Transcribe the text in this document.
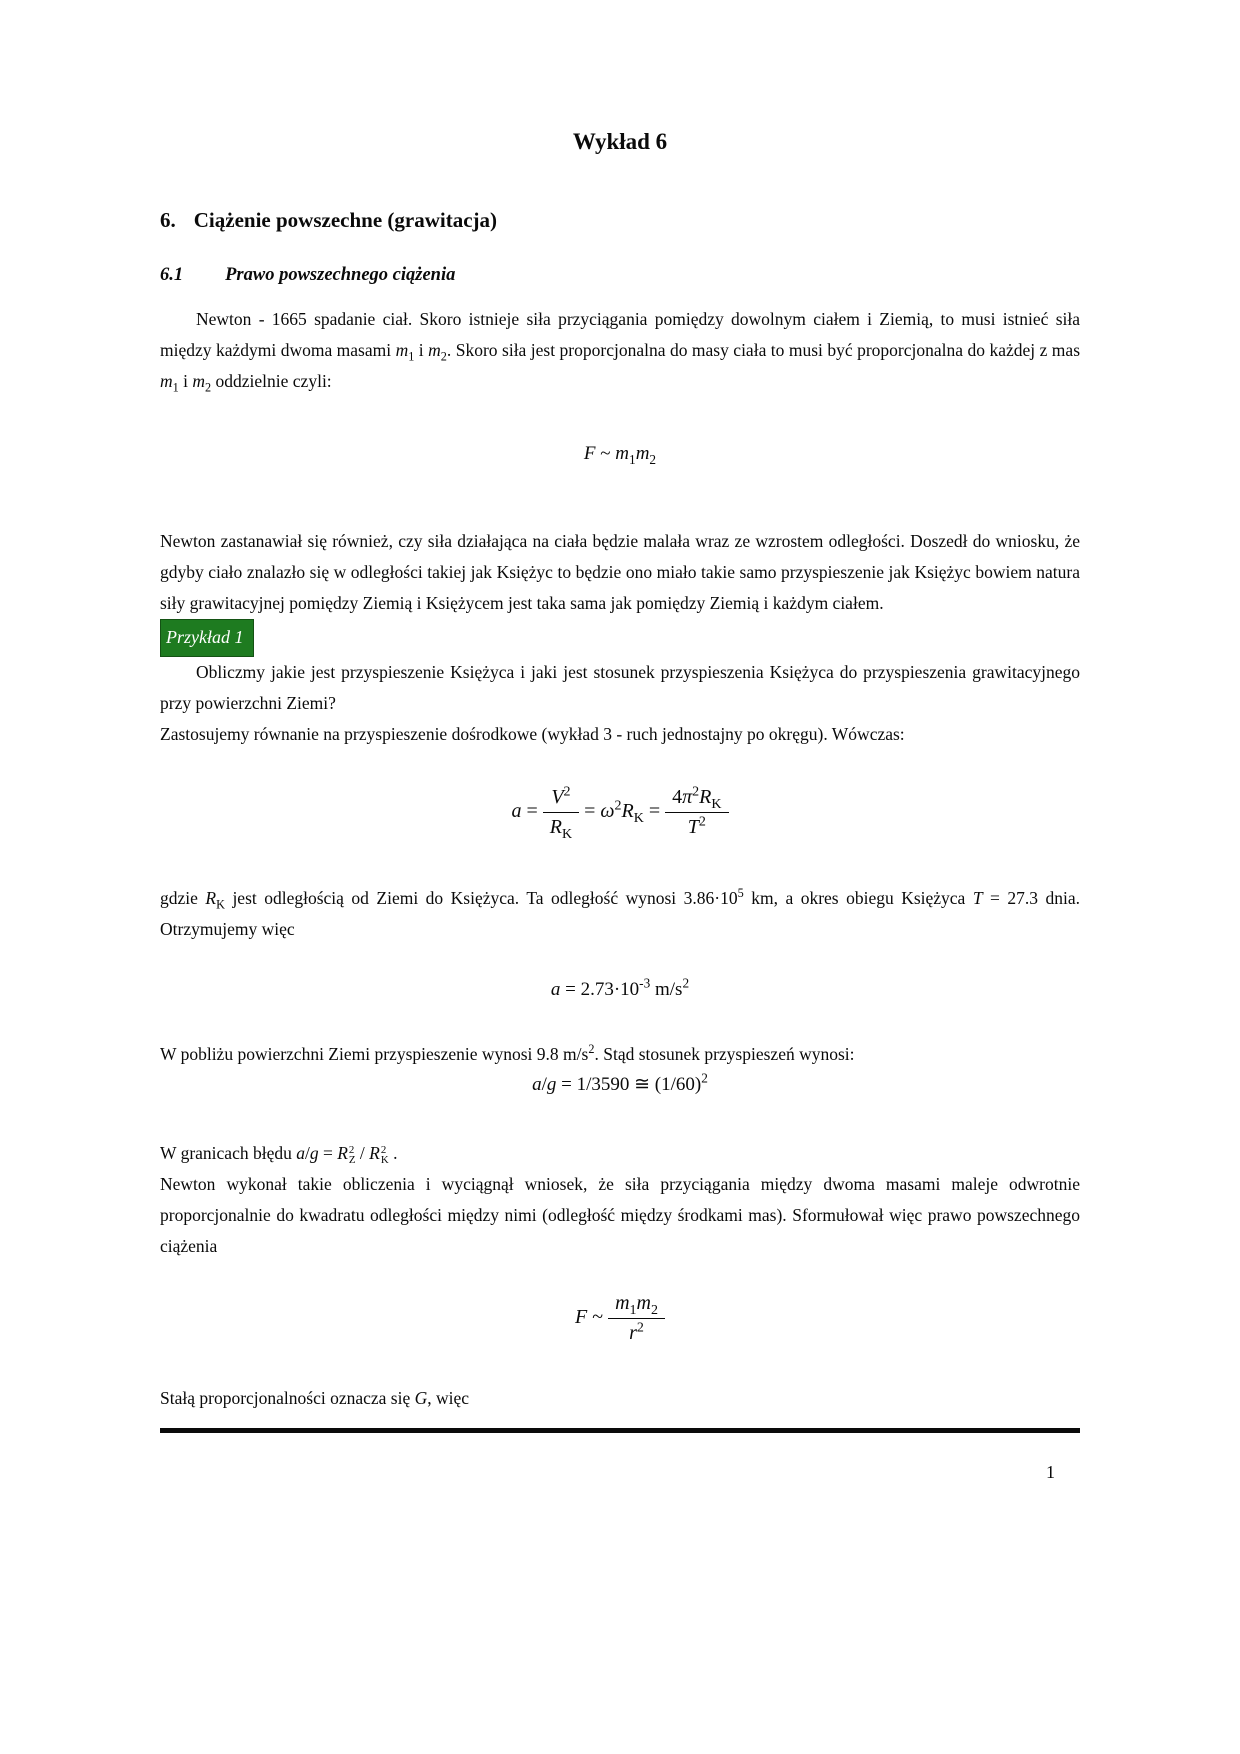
Wykład 6
6. Ciążenie powszechne (grawitacja)
6.1 Prawo powszechnego ciążenia

Newton - 1665 spadanie ciał. Skoro istnieje siła przyciągania pomiędzy dowolnym ciałem i Ziemią, to musi istnieć siła między każdymi dwoma masami $m_1$ i $m_2$. Skoro siła jest proporcjonalna do masy ciała to musi być proporcjonalna do każdej z mas $m_1$ i $m_2$ oddzielnie czyli:

F ~ $m_1m_2$

Newton zastanawiał się również, czy siła działająca na ciała będzie malała wraz ze wzrostem odległości. Doszedł do wniosku, że gdyby ciało znalazło się w odległości takiej jak Księżyc to będzie ono miało takie samo przyspieszenie jak Księżyc bowiem natura siły grawitacyjnej pomiędzy Ziemią i Księżycem jest taka sama jak pomiędzy Ziemią i każdym ciałem.

Przykład 1

Obliczmy jakie jest przyspieszenie Księżyca i jaki jest stosunek przyspieszenia Księżyca do przyspieszenia grawitacyjnego przy powierzchni Ziemi?

Zastosujemy równanie na przyspieszenie dośrodkowe (wykład 3 - ruch jednostajny po okręgu). Wówczas:

$a = \frac{V^2}{R_K} = \omega^2R_K = \frac{4\pi^2R_K}{T^2}$

gdzie $R_K$ jest odległością od Ziemi do Księżyca. Ta odległość wynosi $3.86\cdot 10^5$ km, a okres obiegu Księżyca T = 27.3 dnia. Otrzymujemy więc

$a = 2.73\cdot 10^{-3}$ $m/s^2$

W pobliżu powierzchni Ziemi przyspieszenie wynosi 9.8 $m/s^2$. Stąd stosunek przyspieszeń wynosi:

a/g = 1/3590 ≅ $(1/60)^2$

W granicach błędu a/g = R2
Z / R2
K .

Newton wykonał takie obliczenia i wyciągnął wniosek, że siła przyciągania między dwoma masami maleje odwrotnie proporcjonalnie do kwadratu odległości między nimi (odległość między środkami mas). Sformułował więc prawo powszechnego ciążenia

F ~ $\frac{m_1m_2}{r^2}$

Stałą proporcjonalności oznacza się G, więc

1
